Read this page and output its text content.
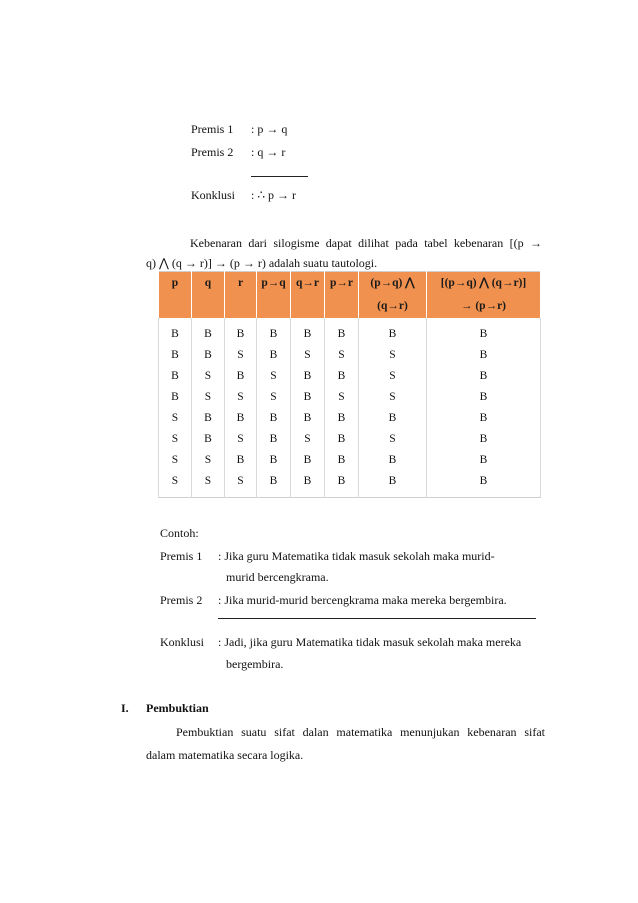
Premis 1 : p → q
Premis 2 : q → r
Konklusi : ∴ p → r
Kebenaran dari silogisme dapat dilihat pada tabel kebenaran [(p →
q) ⋀ (q → r)] → (p → r) adalah suatu tautologi.
p	q	r	p→q	q→r	p→r	(p→q) ⋀	[(p→q) ⋀ (q→r)]
						(q→r)	→ (p→r)
B	B	B	B	B	B	B	B
B	B	S	B	S	S	S	B
B	S	B	S	B	B	S	B
B	S	S	S	B	S	S	B
S	B	B	B	B	B	B	B
S	B	S	B	S	B	S	B
S	S	B	B	B	B	B	B
S	S	S	B	B	B	B	B
Contoh:
Premis 1 : Jika guru Matematika tidak masuk sekolah maka murid-
murid bercengkrama.
Premis 2 : Jika murid-murid bercengkrama maka mereka bergembira.
Konklusi : Jadi, jika guru Matematika tidak masuk sekolah maka mereka
bergembira.
I. Pembuktian
Pembuktian suatu sifat dalan matematika menunjukan kebenaran sifat
dalam matematika secara logika.
